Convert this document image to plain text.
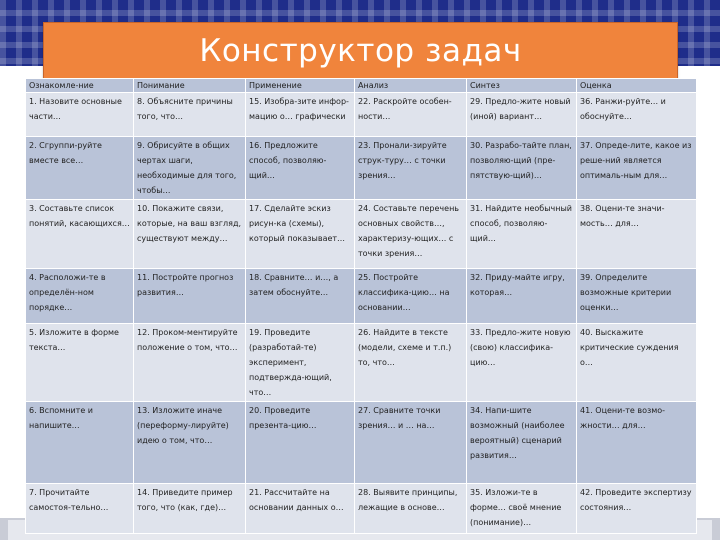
Конструктор задач
Ознакомле-ние	Понимание	Применение	Анализ	Синтез	Оценка
1. Назовите основные части…	8. Объясните причины того, что…	15. Изобра-зите инфор-мацию о… графически	22. Раскройте особен-ности…	29. Предло-жите новый (иной) вариант…	36. Ранжи-руйте… и обоснуйте…
2. Сгруппи-руйте вместе все…	9. Обрисуйте в общих чертах шаги, необходимые для того, чтобы…	16. Предложите способ, позволяю-щий…	23. Пронали-зируйте струк-туру… с точки зрения…	30. Разрабо-тайте план, позволяю-щий (пре-пятствую-щий)…	37. Опреде-лите, какое из реше-ний является оптималь-ным для…
3. Составьте список понятий, касающихся…	10. Покажите связи, которые, на ваш взгляд, существуют между…	17. Сделайте эскиз рисун-ка (схемы), который показывает…	24. Составьте перечень основных свойств…, характеризу-ющих… с точки зрения…	31. Найдите необычный способ, позволяю-щий…	38. Оцени-те значи-мость… для…
4. Расположи-те в определён-ном порядке…	11. Постройте прогноз развития…	18. Сравните… и…, а затем обоснуйте…	25. Постройте классифика-цию… на основании…	32. Приду-майте игру, которая…	39. Определите возможные критерии оценки…
5. Изложите в форме текста…	12. Проком-ментируйте положение о том, что…	19. Проведите (разработай-те) эксперимент, подтвержда-ющий, что…	26. Найдите в тексте (модели, схеме и т.п.) то, что…	33. Предло-жите новую (свою) классифика-цию…	40. Выскажите критические суждения о…
6. Вспомните и напишите…	13. Изложите иначе (переформу-лируйте) идею о том, что…	20. Проведите презента-цию…	27. Сравните точки зрения… и … на…	34. Напи-шите возможный (наиболее вероятный) сценарий развития…	41. Оцени-те возмо-жности… для…
7. Прочитайте самостоя-тельно…	14. Приведите пример того, что (как, где)…	21. Рассчитайте на основании данных о…	28. Выявите принципы, лежащие в основе…	35. Изложи-те в форме… своё мнение (понимание)…	42. Проведите экспертизу состояния…
